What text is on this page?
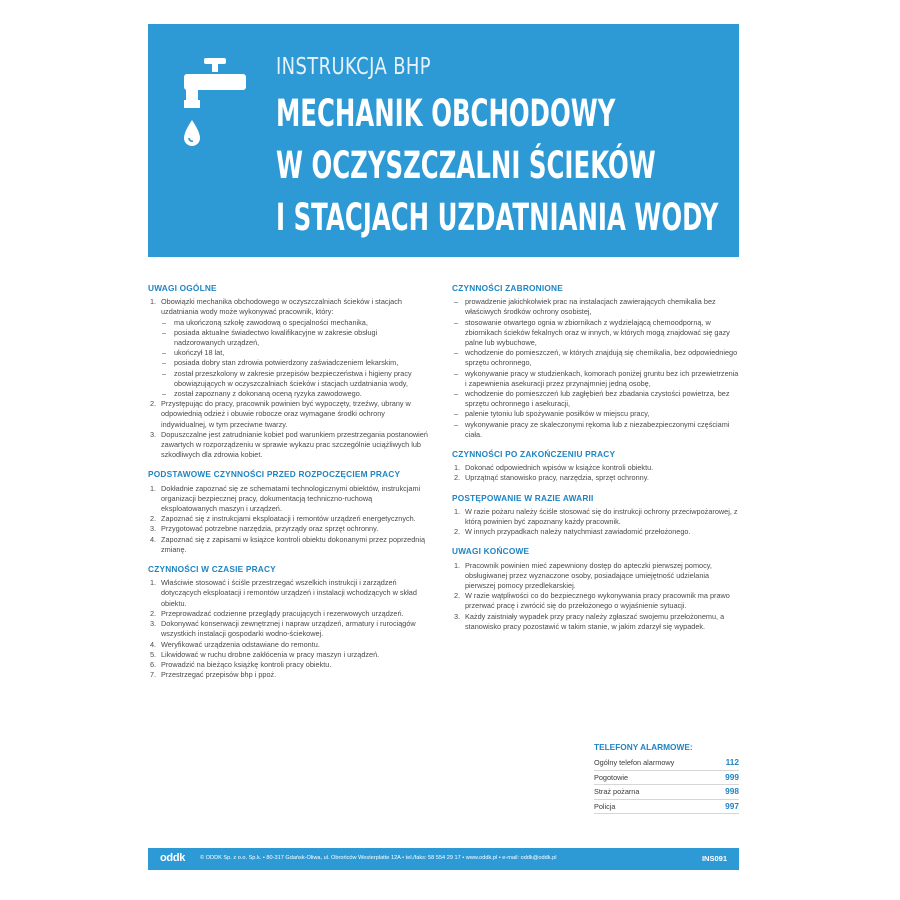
INSTRUKCJA BHP
MECHANIK OBCHODOWY
W OCZYSZCZALNI ŚCIEKÓW
I STACJACH UZDATNIANIA WODY
UWAGI OGÓLNE
1. Obowiązki mechanika obchodowego w oczyszczalniach ścieków i stacjach uzdatniania wody może wykonywać pracownik, który:
– ma ukończoną szkołę zawodową o specjalności mechanika,
– posiada aktualne świadectwo kwalifikacyjne w zakresie obsługi nadzorowanych urządzeń,
– ukończył 18 lat,
– posiada dobry stan zdrowia potwierdzony zaświadczeniem lekarskim,
– został przeszkolony w zakresie przepisów bezpieczeństwa i higieny pracy obowiązujących w oczyszczalniach ścieków i stacjach uzdatniania wody,
– został zapoznany z dokonaną oceną ryzyka zawodowego.
2. Przystępując do pracy, pracownik powinien być wypoczęty, trzeźwy, ubrany w odpowiednią odzież i obuwie robocze oraz wymagane środki ochrony indywidualnej, w tym przeciwne twarzy.
3. Dopuszczalne jest zatrudnianie kobiet pod warunkiem przestrzegania postanowień zawartych w rozporządzeniu w sprawie wykazu prac szczególnie uciążliwych lub szkodliwych dla zdrowia kobiet.
PODSTAWOWE CZYNNOŚCI PRZED ROZPOCZĘCIEM PRACY
1. Dokładnie zapoznać się ze schematami technologicznymi obiektów, instrukcjami organizacji bezpiecznej pracy, dokumentacją techniczno-ruchową eksploatowanych maszyn i urządzeń.
2. Zapoznać się z instrukcjami eksploatacji i remontów urządzeń energetycznych.
3. Przygotować potrzebne narzędzia, przyrządy oraz sprzęt ochronny.
4. Zapoznać się z zapisami w książce kontroli obiektu dokonanymi przez poprzednią zmianę.
CZYNNOŚCI W CZASIE PRACY
1. Właściwie stosować i ściśle przestrzegać wszelkich instrukcji i zarządzeń dotyczących eksploatacji i remontów urządzeń i instalacji wchodzących w skład obiektu.
2. Przeprowadzać codzienne przeglądy pracujących i rezerwowych urządzeń.
3. Dokonywać konserwacji zewnętrznej i napraw urządzeń, armatury i rurociągów wszystkich instalacji gospodarki wodno-ściekowej.
4. Weryfikować urządzenia odstawiane do remontu.
5. Likwidować w ruchu drobne zakłócenia w pracy maszyn i urządzeń.
6. Prowadzić na bieżąco książkę kontroli pracy obiektu.
7. Przestrzegać przepisów bhp i ppoż.
CZYNNOŚCI ZABRONIONE
– prowadzenie jakichkolwiek prac na instalacjach zawierających chemikalia bez właściwych środków ochrony osobistej,
– stosowanie otwartego ognia w zbiornikach z wydzielającą chemoodporną, w zbiornikach ścieków fekalnych oraz w innych, w których mogą znajdować się gazy palne lub wybuchowe,
– wchodzenie do pomieszczeń, w których znajdują się chemikalia, bez odpowiedniego sprzętu ochronnego,
– wykonywanie pracy w studzienkach, komorach poniżej gruntu bez ich przewietrzenia i zapewnienia asekuracji przez przynajmniej jedną osobę,
– wchodzenie do pomieszczeń lub zagłębień bez zbadania czystości powietrza, bez sprzętu ochronnego i asekuracji,
– palenie tytoniu lub spożywanie posiłków w miejscu pracy,
– wykonywanie pracy ze skaleczonymi rękoma lub z niezabezpieczonymi częściami ciała.
CZYNNOŚCI PO ZAKOŃCZENIU PRACY
1. Dokonać odpowiednich wpisów w książce kontroli obiektu.
2. Uprzątnąć stanowisko pracy, narzędzia, sprzęt ochronny.
POSTĘPOWANIE W RAZIE AWARII
1. W razie pożaru należy ściśle stosować się do instrukcji ochrony przeciwpożarowej, z którą powinien być zapoznany każdy pracownik.
2. W innych przypadkach należy natychmiast zawiadomić przełożonego.
UWAGI KOŃCOWE
1. Pracownik powinien mieć zapewniony dostęp do apteczki pierwszej pomocy, obsługiwanej przez wyznaczone osoby, posiadające umiejętność udzielania pierwszej pomocy przedlekarskiej.
2. W razie wątpliwości co do bezpiecznego wykonywania pracy pracownik ma prawo przerwać pracę i zwrócić się do przełożonego o wyjaśnienie sytuacji.
3. Każdy zaistniały wypadek przy pracy należy zgłaszać swojemu przełożonemu, a stanowisko pracy pozostawić w takim stanie, w jakim zdarzył się wypadek.
TELEFONY ALARMOWE:
Ogólny telefon alarmowy	112
Pogotowie	999
Straż pożarna	998
Policja	997
oddk	© ODDK Sp. z o.o. Sp.k. • 80-317 Gdańsk-Oliwa, ul. Obrońców Westerplatte 12A • tel./faks: 58 554 29 17 • www.oddk.pl • e-mail: oddk@oddk.pl	INS091
